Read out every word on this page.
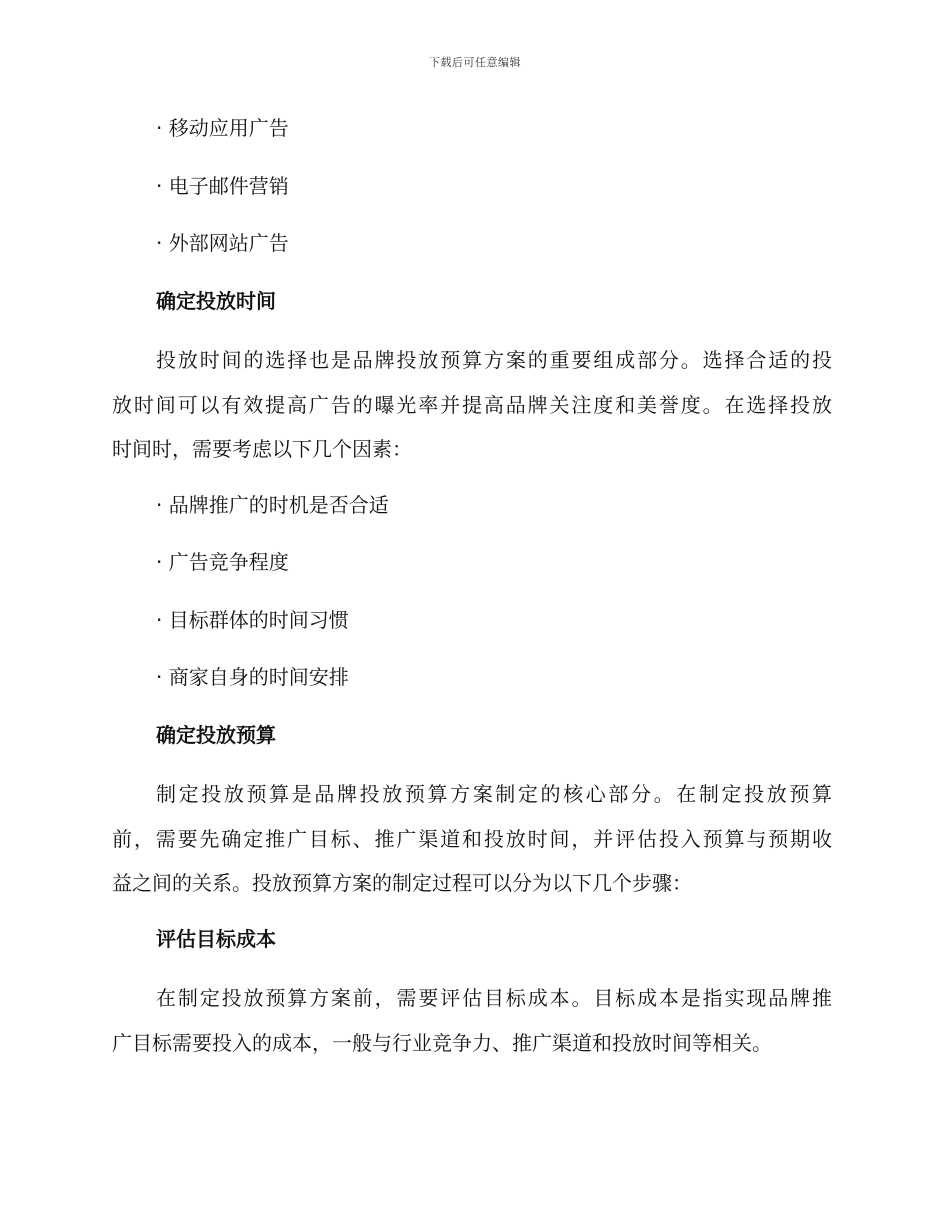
下载后可任意编辑
· 移动应用广告
· 电子邮件营销
· 外部网站广告
确定投放时间
投放时间的选择也是品牌投放预算方案的重要组成部分。选择合适的投
放时间可以有效提高广告的曝光率并提高品牌关注度和美誉度。在选择投放
时间时，需要考虑以下几个因素：
· 品牌推广的时机是否合适
· 广告竞争程度
· 目标群体的时间习惯
· 商家自身的时间安排
确定投放预算
制定投放预算是品牌投放预算方案制定的核心部分。在制定投放预算
前，需要先确定推广目标、推广渠道和投放时间，并评估投入预算与预期收
益之间的关系。投放预算方案的制定过程可以分为以下几个步骤：
评估目标成本
在制定投放预算方案前，需要评估目标成本。目标成本是指实现品牌推
广目标需要投入的成本，一般与行业竞争力、推广渠道和投放时间等相关。
